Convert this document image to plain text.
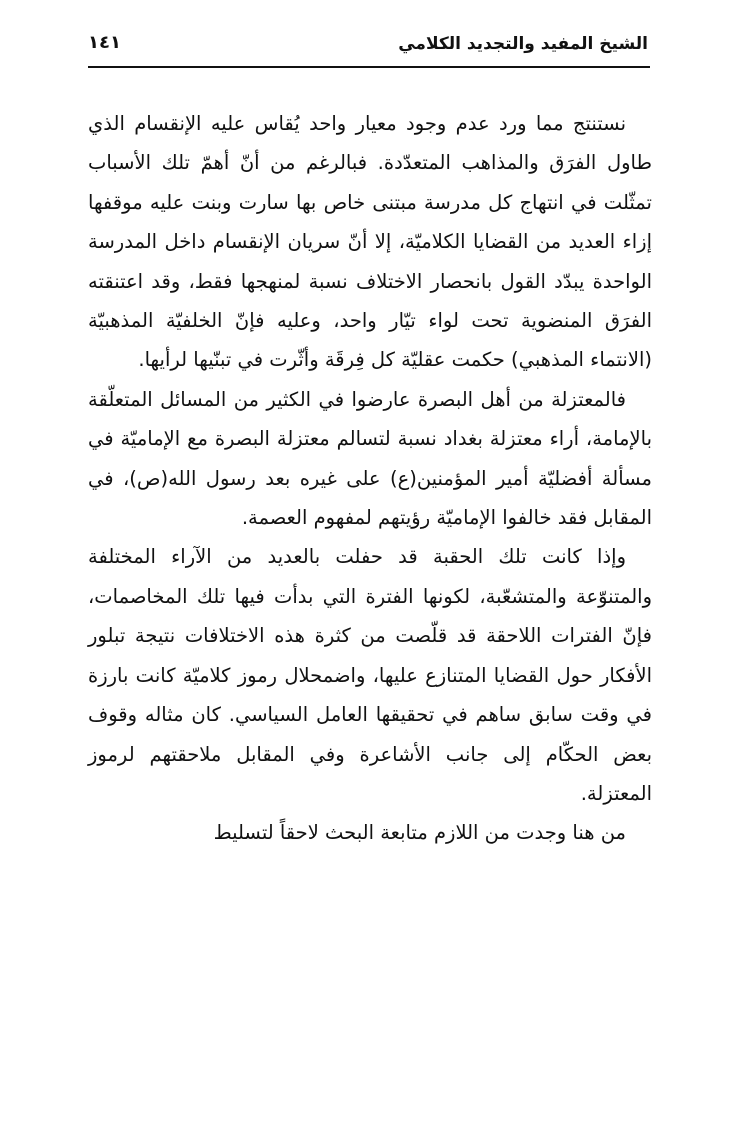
الشيخ المفيد والتجديد الكلامي
١٤١

نستنتج مما ورد عدم وجود معيار واحد يُقاس عليه الإنقسام الذي طاول الفرَق والمذاهب المتعدّدة. فبالرغم من أنّ أهمّ تلك الأسباب تمثّلت في انتهاج كل مدرسة مبتنى خاص بها سارت وبنت عليه موقفها إزاء العديد من القضايا الكلاميّة، إلا أنّ سريان الإنقسام داخل المدرسة الواحدة يبدّد القول بانحصار الاختلاف نسبة لمنهجها فقط، وقد اعتنقته الفرَق المنضوية تحت لواء تيّار واحد، وعليه فإنّ الخلفيّة المذهبيّة (الانتماء المذهبي) حكمت عقليّة كل فِرقَة وأثّرت في تبنّيها لرأيها.

فالمعتزلة من أهل البصرة عارضوا في الكثير من المسائل المتعلّقة بالإمامة، أراء معتزلة بغداد نسبة لتسالم معتزلة البصرة مع الإماميّة في مسألة أفضليّة أمير المؤمنين(ع) على غيره بعد رسول الله(ص)، في المقابل فقد خالفوا الإماميّة رؤيتهم لمفهوم العصمة.

وإذا كانت تلك الحقبة قد حفلت بالعديد من الآراء المختلفة والمتنوّعة والمتشعّبة، لكونها الفترة التي بدأت فيها تلك المخاصمات، فإنّ الفترات اللاحقة قد قلّصت من كثرة هذه الاختلافات نتيجة تبلور الأفكار حول القضايا المتنازع عليها، واضمحلال رموز كلاميّة كانت بارزة في وقت سابق ساهم في تحقيقها العامل السياسي. كان مثاله وقوف بعض الحكّام إلى جانب الأشاعرة وفي المقابل ملاحقتهم لرموز المعتزلة.

من هنا وجدت من اللازم متابعة البحث لاحقاً لتسليط
